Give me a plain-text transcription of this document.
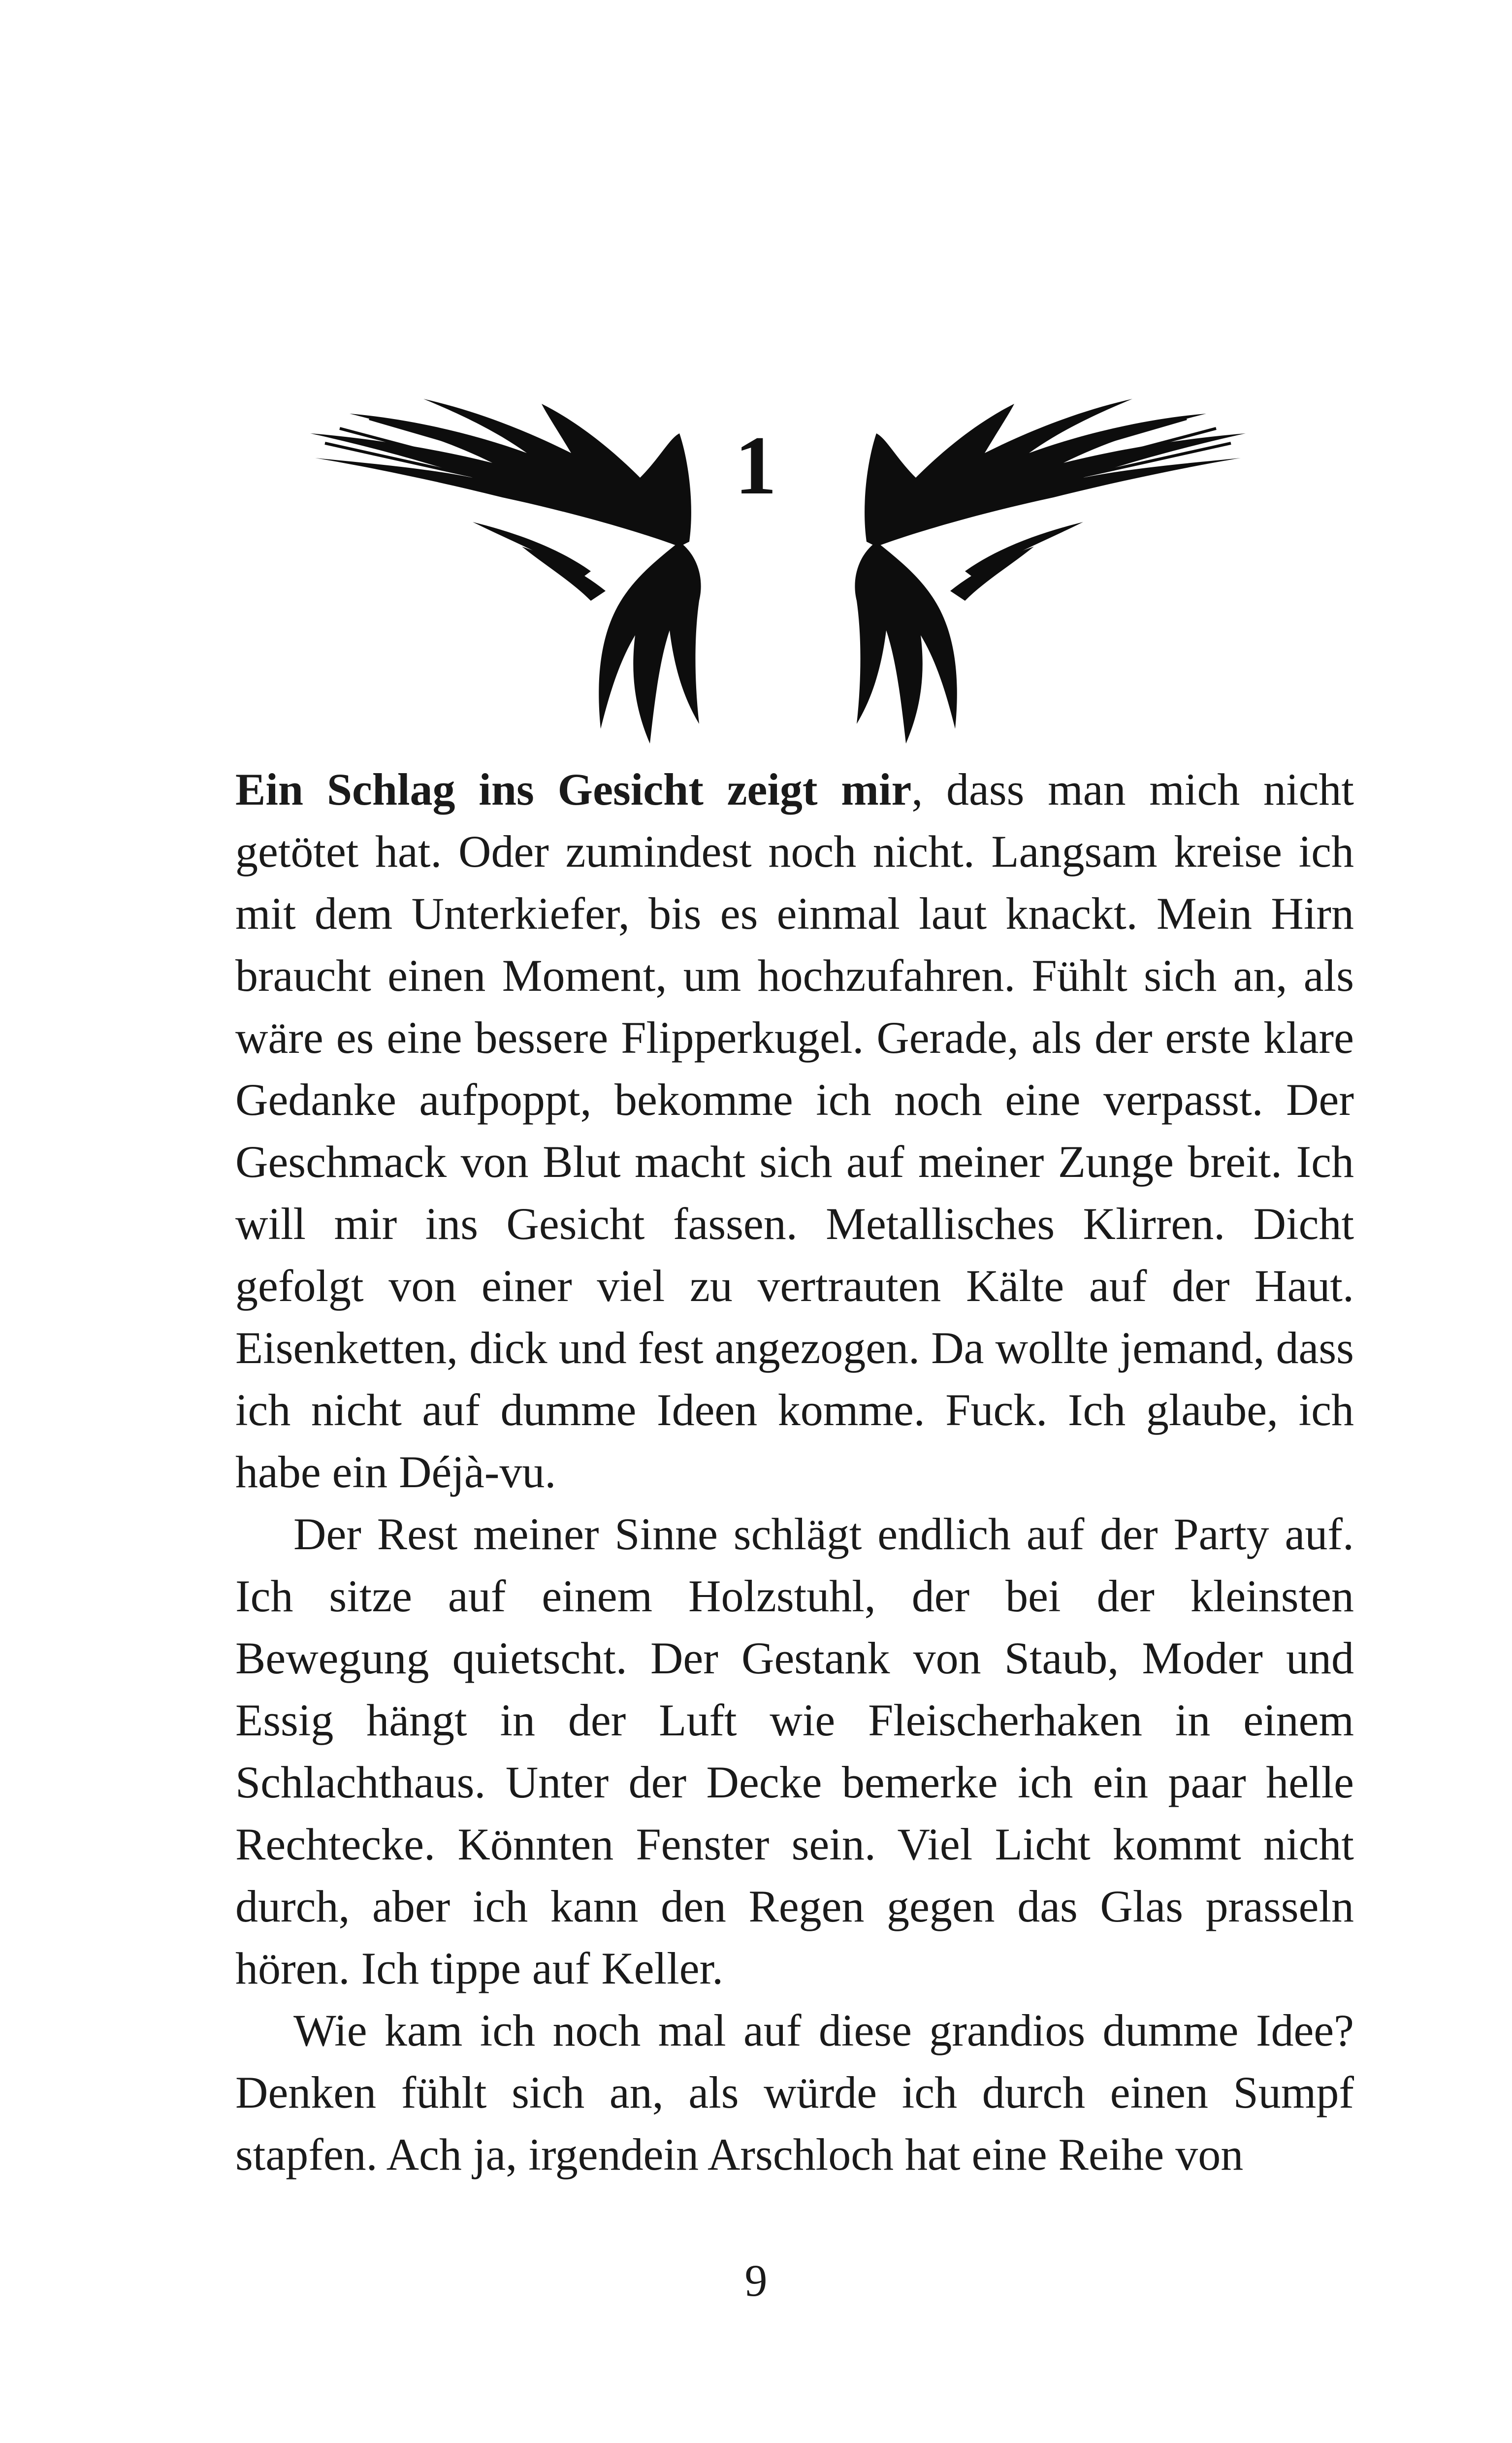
1

Ein Schlag ins Gesicht zeigt mir, dass man mich nicht getötet hat. Oder zumindest noch nicht. Langsam kreise ich mit dem Unterkiefer, bis es einmal laut knackt. Mein Hirn braucht einen Moment, um hochzufahren. Fühlt sich an, als wäre es eine bessere Flipperkugel. Gerade, als der erste klare Gedanke aufpoppt, bekomme ich noch eine verpasst. Der Geschmack von Blut macht sich auf meiner Zunge breit. Ich will mir ins Gesicht fassen. Metallisches Klirren. Dicht gefolgt von einer viel zu vertrauten Kälte auf der Haut. Eisenketten, dick und fest angezogen. Da wollte jemand, dass ich nicht auf dumme Ideen komme. Fuck. Ich glaube, ich habe ein Déjà-vu.

Der Rest meiner Sinne schlägt endlich auf der Party auf. Ich sitze auf einem Holzstuhl, der bei der kleinsten Bewegung quietscht. Der Gestank von Staub, Moder und Essig hängt in der Luft wie Fleischerhaken in einem Schlachthaus. Unter der Decke bemerke ich ein paar helle Rechtecke. Könnten Fenster sein. Viel Licht kommt nicht durch, aber ich kann den Regen gegen das Glas prasseln hören. Ich tippe auf Keller.

Wie kam ich noch mal auf diese grandios dumme Idee? Denken fühlt sich an, als würde ich durch einen Sumpf stapfen. Ach ja, irgendein Arschloch hat eine Reihe von

9
